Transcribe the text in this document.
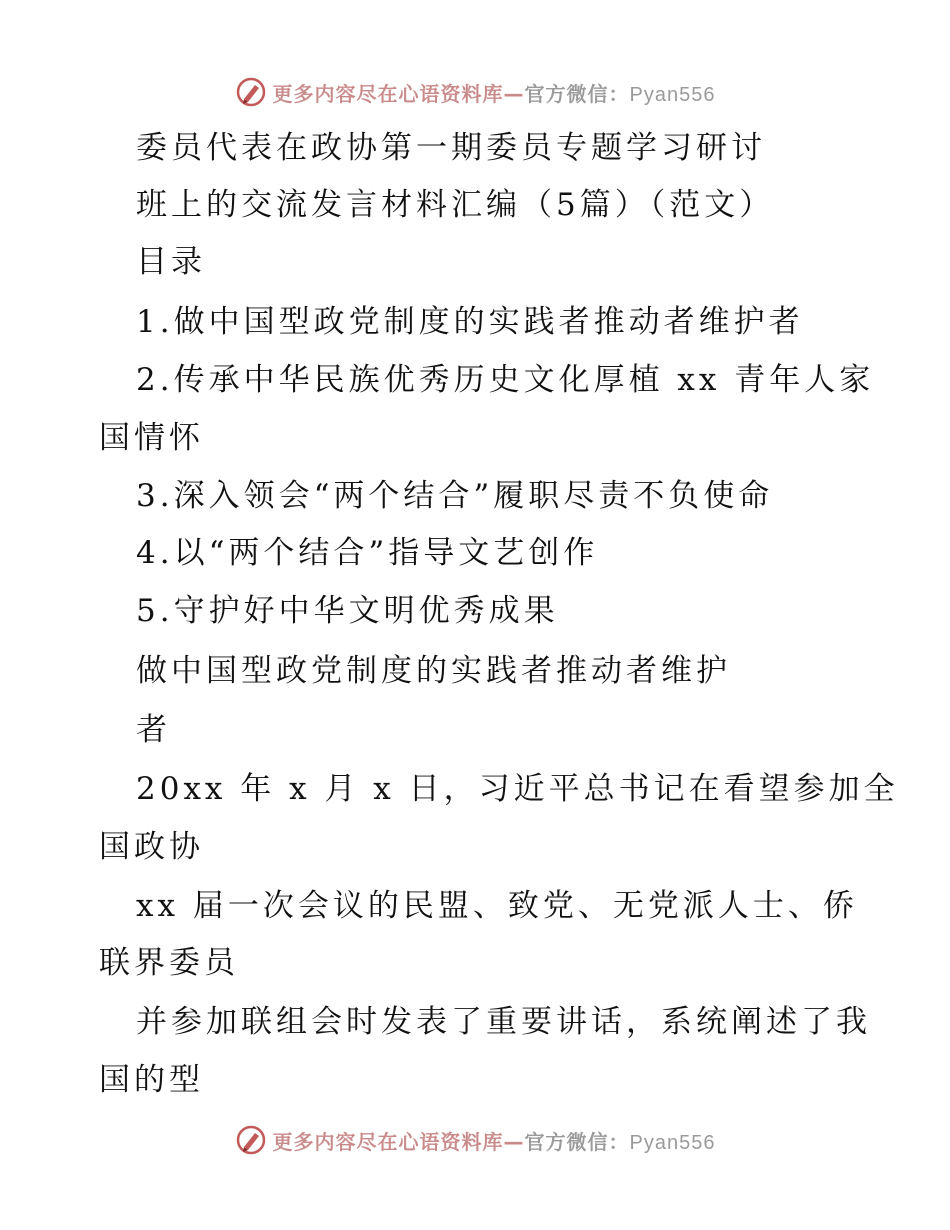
更多内容尽在心语资料库—官方微信：Pyan556
委员代表在政协第一期委员专题学习研讨
班上的交流发言材料汇编（5篇）（范文）
目录
1.做中国型政党制度的实践者推动者维护者
2.传承中华民族优秀历史文化厚植 xx 青年人家
国情怀
3.深入领会“两个结合”履职尽责不负使命
4.以“两个结合”指导文艺创作
5.守护好中华文明优秀成果
做中国型政党制度的实践者推动者维护
者
20xx 年 x 月 x 日，习近平总书记在看望参加全
国政协
xx 届一次会议的民盟、致党、无党派人士、侨
联界委员
并参加联组会时发表了重要讲话，系统阐述了我
国的型
更多内容尽在心语资料库—官方微信：Pyan556
